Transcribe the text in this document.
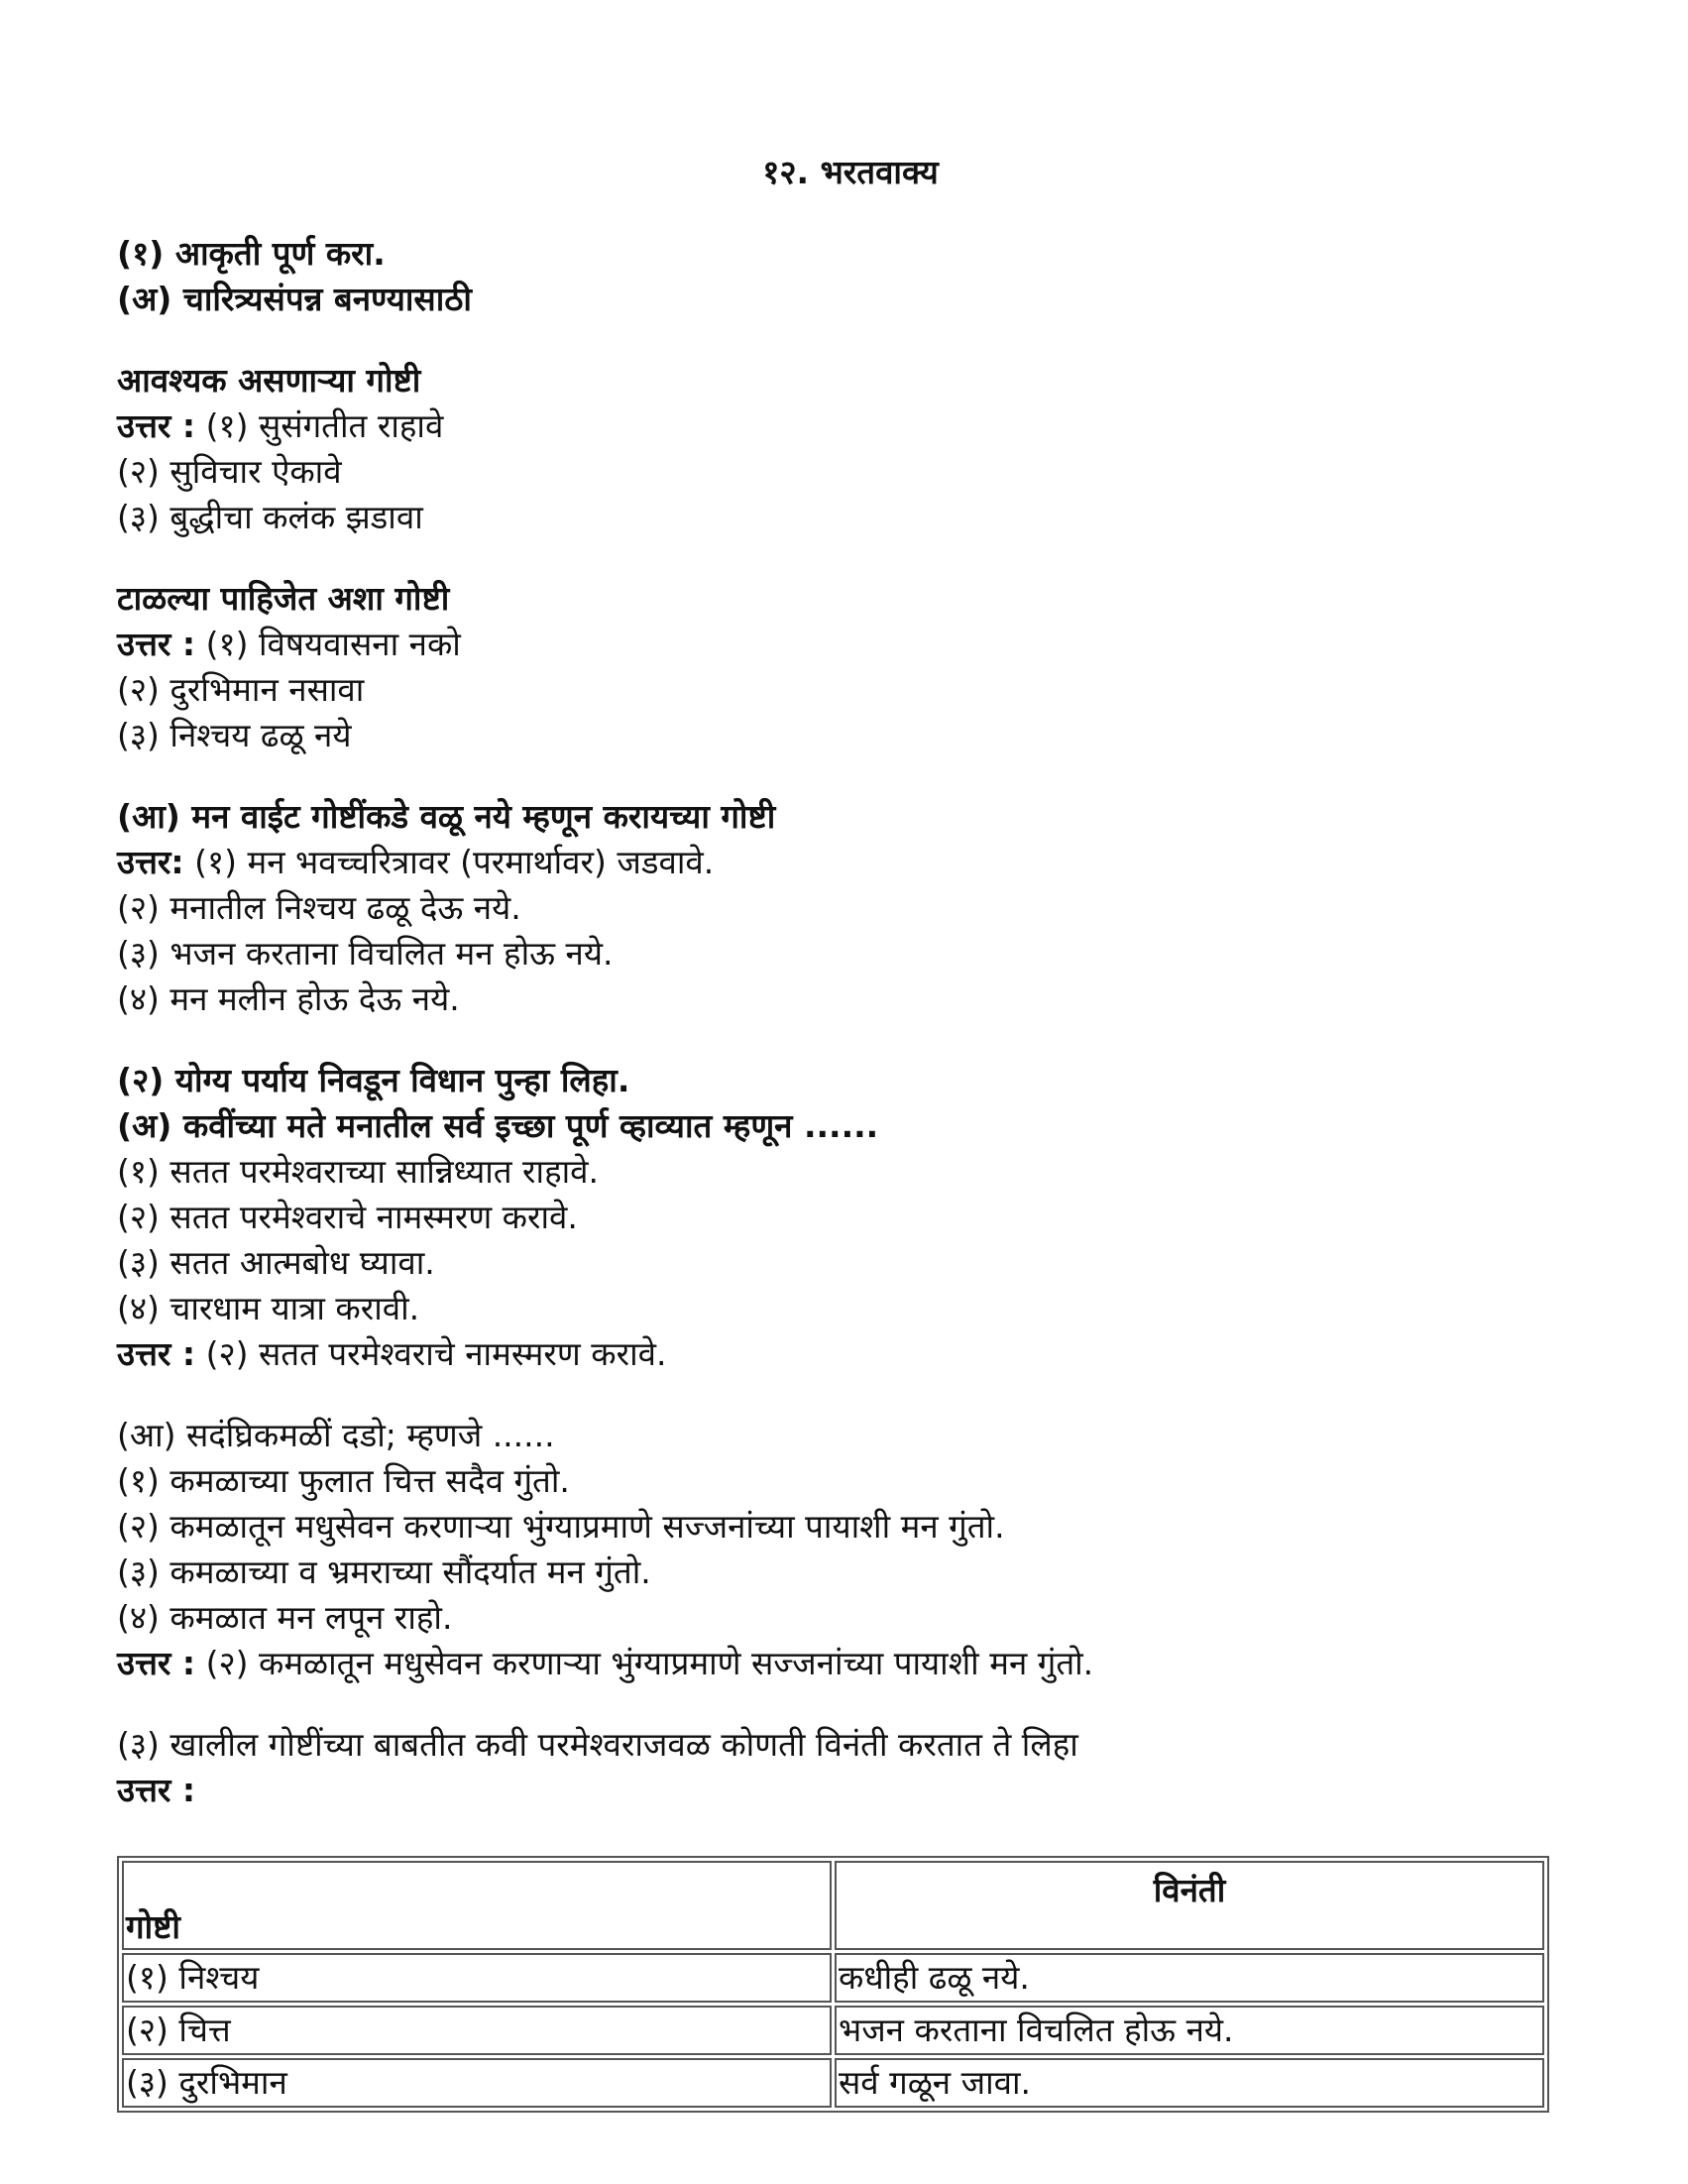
१२. भरतवाक्य
(१) आकृती पूर्ण करा.
(अ) चारित्र्यसंपन्न बनण्यासाठी
आवश्यक असणाऱ्या गोष्टी
उत्तर : (१) सुसंगतीत राहावे
(२) सुविचार ऐकावे
(३) बुद्धीचा कलंक झडावा
टाळल्या पाहिजेत अशा गोष्टी
उत्तर : (१) विषयवासना नको
(२) दुरभिमान नसावा
(३) निश्चय ढळू नये
(आ) मन वाईट गोष्टींकडे वळू नये म्हणून करायच्या गोष्टी
उत्तर: (१) मन भवच्चरित्रावर (परमार्थावर) जडवावे.
(२) मनातील निश्चय ढळू देऊ नये.
(३) भजन करताना विचलित मन होऊ नये.
(४) मन मलीन होऊ देऊ नये.
(२) योग्य पर्याय निवडून विधान पुन्हा लिहा.
(अ) कवींच्या मते मनातील सर्व इच्छा पूर्ण व्हाव्यात म्हणून ......
(१) सतत परमेश्वराच्या सान्निध्यात राहावे.
(२) सतत परमेश्वराचे नामस्मरण करावे.
(३) सतत आत्मबोध घ्यावा.
(४) चारधाम यात्रा करावी.
उत्तर : (२) सतत परमेश्वराचे नामस्मरण करावे.
(आ) सदंघ्रिकमळीं दडो; म्हणजे ......
(१) कमळाच्या फुलात चित्त सदैव गुंतो.
(२) कमळातून मधुसेवन करणाऱ्या भुंग्याप्रमाणे सज्जनांच्या पायाशी मन गुंतो.
(३) कमळाच्या व भ्रमराच्या सौंदर्यात मन गुंतो.
(४) कमळात मन लपून राहो.
उत्तर : (२) कमळातून मधुसेवन करणाऱ्या भुंग्याप्रमाणे सज्जनांच्या पायाशी मन गुंतो.
(३) खालील गोष्टींच्या बाबतीत कवी परमेश्वराजवळ कोणती विनंती करतात ते लिहा
उत्तर :
गोष्टी	विनंती
(१) निश्चय	कधीही ढळू नये.
(२) चित्त	भजन करताना विचलित होऊ नये.
(३) दुरभिमान	सर्व गळून जावा.
